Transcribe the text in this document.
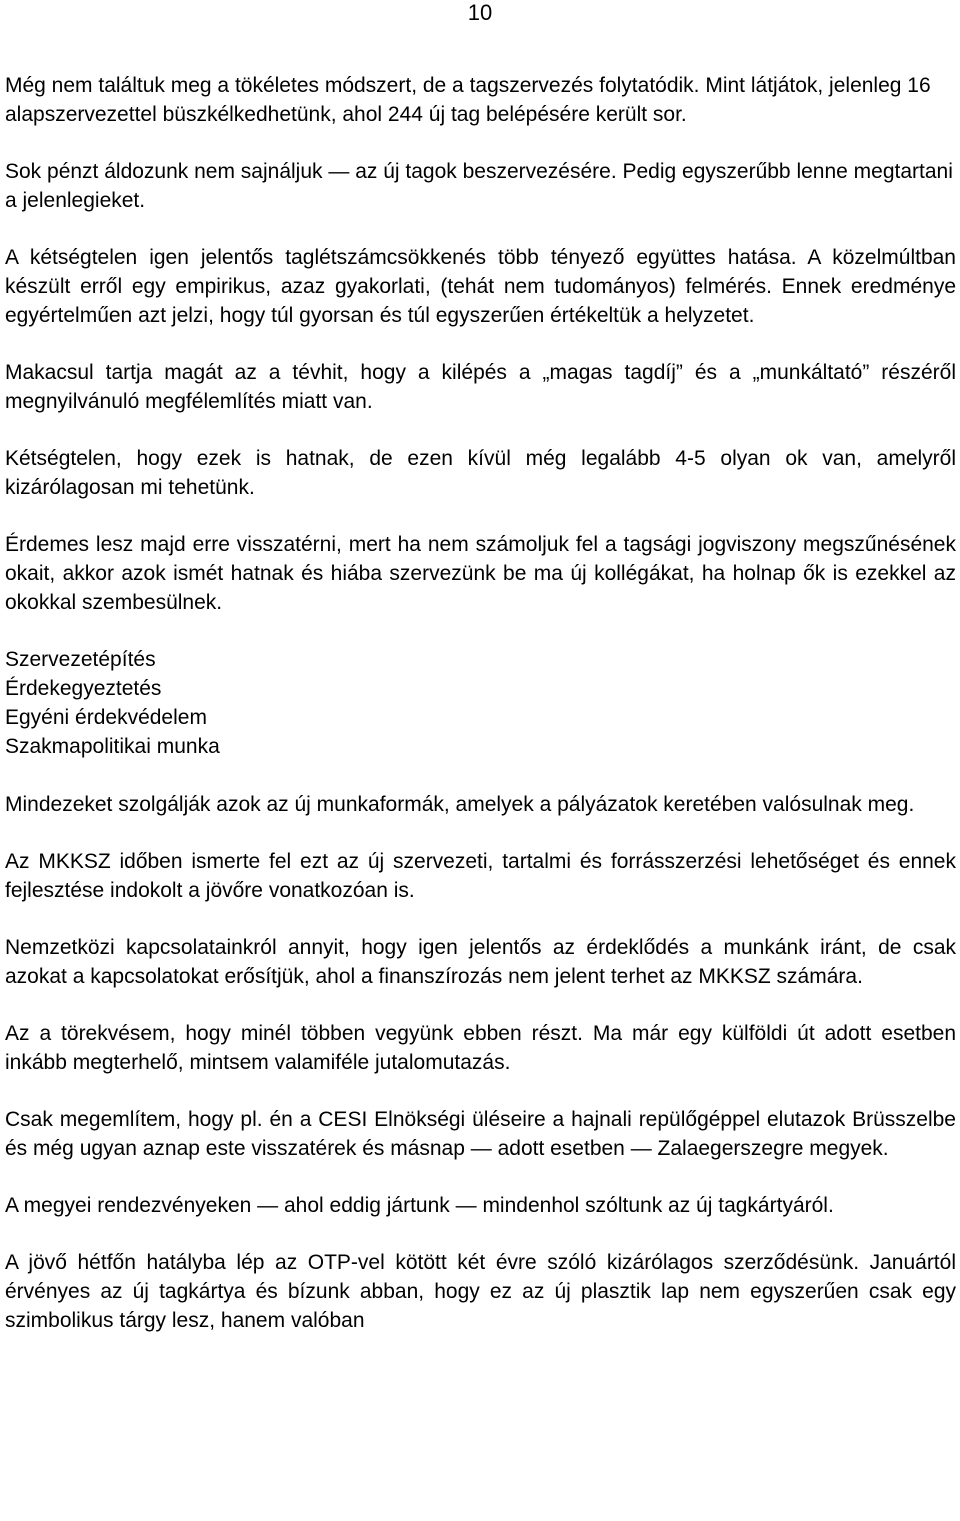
10

Még nem találtuk meg a tökéletes módszert, de a tagszervezés folytatódik. Mint látjátok, jelenleg 16 alapszervezettel büszkélkedhetünk, ahol 244 új tag belépésére került sor.

Sok pénzt áldozunk nem sajnáljuk — az új tagok beszervezésére. Pedig egyszerűbb lenne megtartani a jelenlegieket.

A kétségtelen igen jelentős taglétszámcsökkenés több tényező együttes hatása. A közelmúltban készült erről egy empirikus, azaz gyakorlati, (tehát nem tudományos) felmérés. Ennek eredménye egyértelműen azt jelzi, hogy túl gyorsan és túl egyszerűen értékeltük a helyzetet.

Makacsul tartja magát az a tévhit, hogy a kilépés a „magas tagdíj” és a „munkáltató” részéről megnyilvánuló megfélemlítés miatt van.

Kétségtelen, hogy ezek is hatnak, de ezen kívül még legalább 4-5 olyan ok van, amelyről kizárólagosan mi tehetünk.

Érdemes lesz majd erre visszatérni, mert ha nem számoljuk fel a tagsági jogviszony megszűnésének okait, akkor azok ismét hatnak és hiába szervezünk be ma új kollégákat, ha holnap ők is ezekkel az okokkal szembesülnek.

Szervezetépítés

Érdekegyeztetés

Egyéni érdekvédelem

Szakmapolitikai munka

Mindezeket szolgálják azok az új munkaformák, amelyek a pályázatok keretében valósulnak meg.

Az MKKSZ időben ismerte fel ezt az új szervezeti, tartalmi és forrásszerzési lehetőséget és ennek fejlesztése indokolt a jövőre vonatkozóan is.

Nemzetközi kapcsolatainkról annyit, hogy igen jelentős az érdeklődés a munkánk iránt, de csak azokat a kapcsolatokat erősítjük, ahol a finanszírozás nem jelent terhet az MKKSZ számára.

Az a törekvésem, hogy minél többen vegyünk ebben részt. Ma már egy külföldi út adott esetben inkább megterhelő, mintsem valamiféle jutalomutazás.

Csak megemlítem, hogy pl. én a CESI Elnökségi üléseire a hajnali repülőgéppel elutazok Brüsszelbe és még ugyan aznap este visszatérek és másnap — adott esetben — Zalaegerszegre megyek.

A megyei rendezvényeken — ahol eddig jártunk — mindenhol szóltunk az új tagkártyáról.

A jövő hétfőn hatályba lép az OTP-vel kötött két évre szóló kizárólagos szerződésünk. Januártól érvényes az új tagkártya és bízunk abban, hogy ez az új plasztik lap nem egyszerűen csak egy szimbolikus tárgy lesz, hanem valóban
